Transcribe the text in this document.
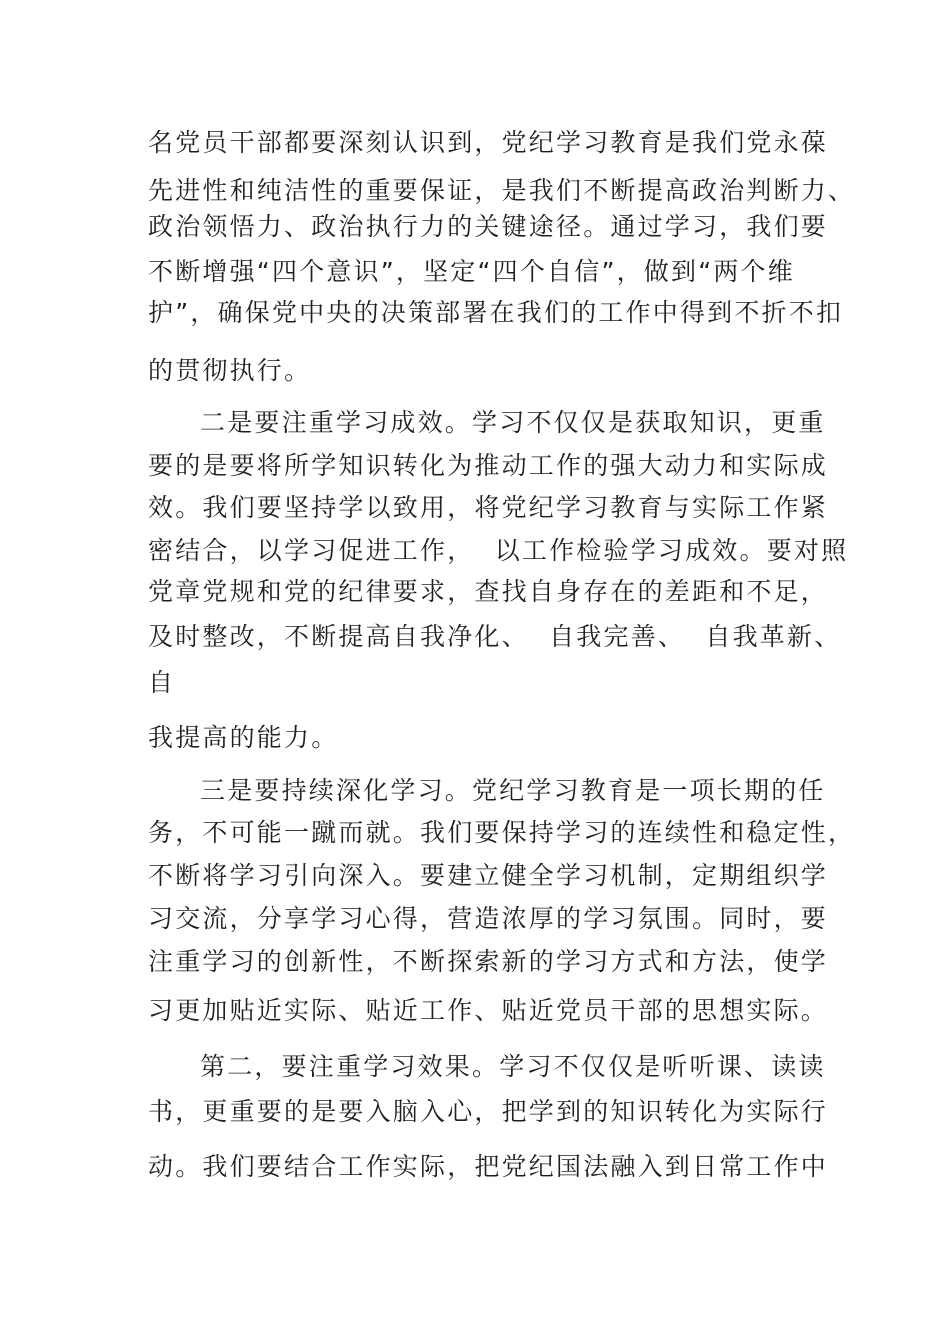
名党员干部都要深刻认识到，党纪学习教育是我们党永葆
先进性和纯洁性的重要保证，是我们不断提高政治判断力、
政治领悟力、政治执行力的关键途径。通过学习，我们要
不断增强“四个意识”，坚定“四个自信”，做到“两个维
护”，确保党中央的决策部署在我们的工作中得到不折不扣
的贯彻执行。
二是要注重学习成效。学习不仅仅是获取知识，更重
要的是要将所学知识转化为推动工作的强大动力和实际成
效。我们要坚持学以致用，将党纪学习教育与实际工作紧
密结合，以学习促进工作，  以工作检验学习成效。要对照
党章党规和党的纪律要求，查找自身存在的差距和不足，
及时整改，不断提高自我净化、  自我完善、  自我革新、
自
我提高的能力。
三是要持续深化学习。党纪学习教育是一项长期的任
务，不可能一蹴而就。我们要保持学习的连续性和稳定性，
不断将学习引向深入。要建立健全学习机制，定期组织学
习交流，分享学习心得，营造浓厚的学习氛围。同时，要
注重学习的创新性，不断探索新的学习方式和方法，使学
习更加贴近实际、贴近工作、贴近党员干部的思想实际。
第二，要注重学习效果。学习不仅仅是听听课、读读
书，更重要的是要入脑入心，把学到的知识转化为实际行
动。我们要结合工作实际，把党纪国法融入到日常工作中
